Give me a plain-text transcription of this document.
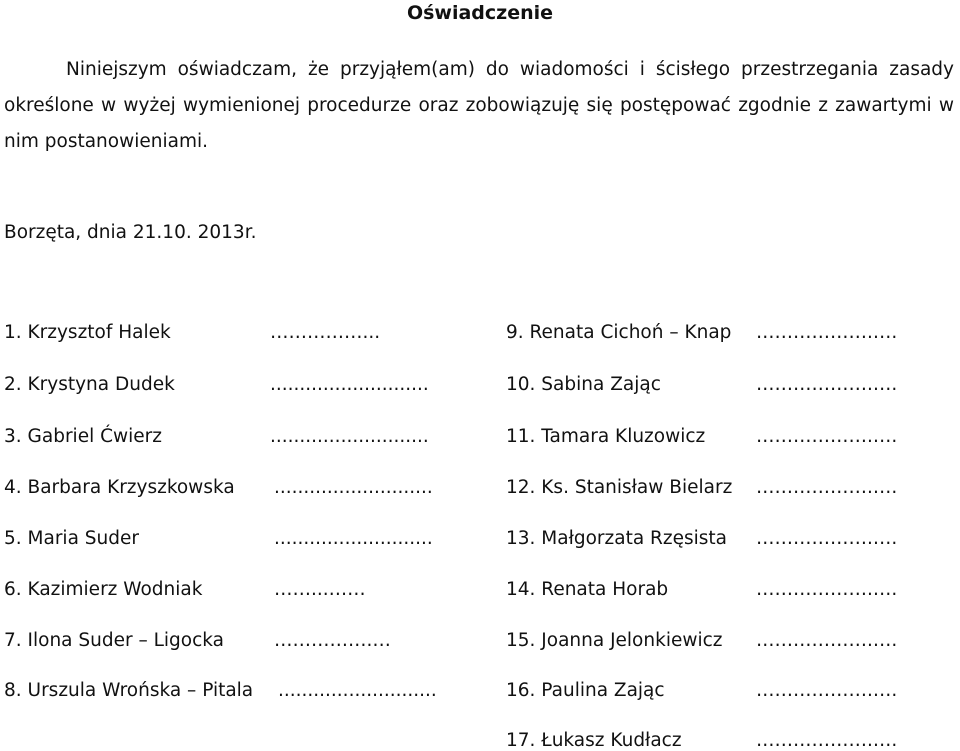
Oświadczenie
Niniejszym oświadczam, że przyjąłem(am) do wiadomości i ścisłego przestrzegania zasady określone w wyżej wymienionej procedurze oraz zobowiązuję się postępować zgodnie z zawartymi w nim postanowieniami.
Borzęta, dnia 21.10. 2013r.
1. Krzysztof Halek	……………...
2. Krystyna Dudek	...........................
3. Gabriel Ćwierz	...........................
4. Barbara Krzyszkowska ...........................
5. Maria Suder	...........................
6. Kazimierz Wodniak	……...……
7. Ilona Suder – Ligocka	…………….…
8. Urszula Wrońska – Pitala ...........................
9. Renata Cichoń – Knap ……………….….
10. Sabina Zając	……………….….
11. Tamara Kluzowicz	……………….….
12. Ks. Stanisław Bielarz ……………….….
13. Małgorzata Rzęsista ……………….….
14. Renata Horab	……………….….
15. Joanna Jelonkiewicz ……………….….
16. Paulina Zając	……………….….
17. Łukasz Kudłacz	……………….….
